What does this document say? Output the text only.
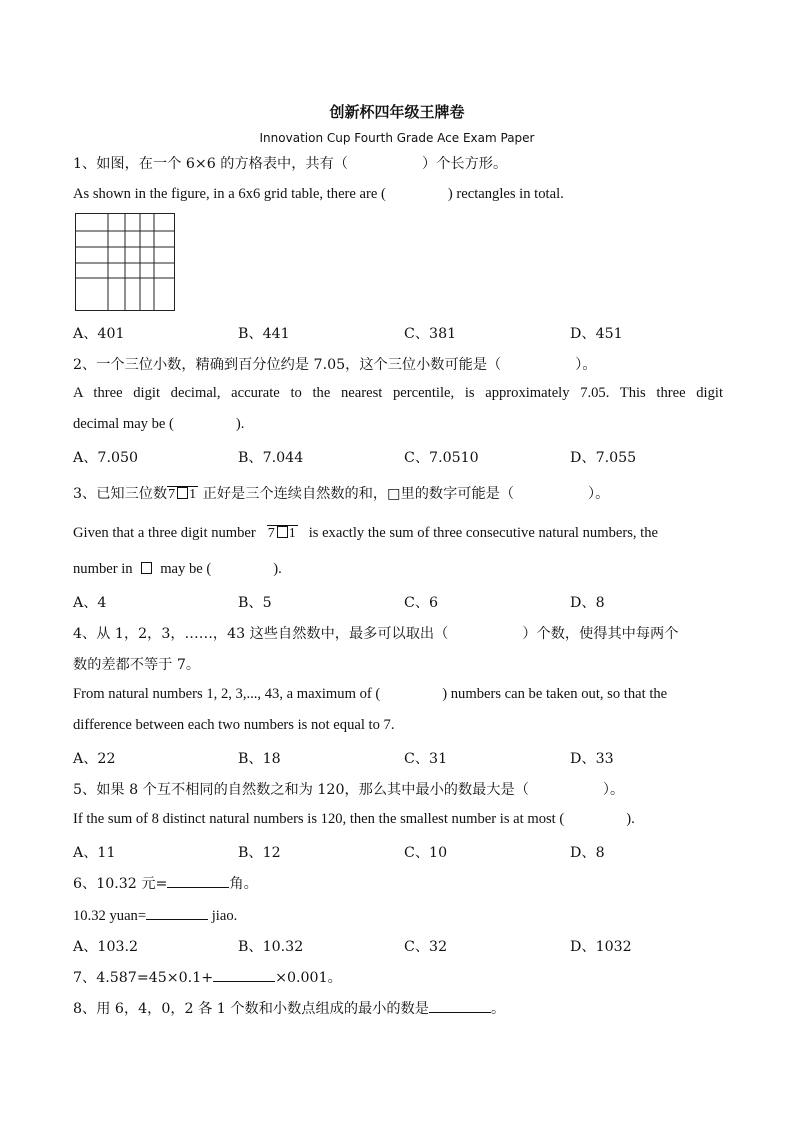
创新杯四年级王牌卷
Innovation Cup Fourth Grade Ace Exam Paper
1、如图，在一个 6×6 的方格表中，共有（	）个长方形。
As shown in the figure, in a 6x6 grid table, there are (	) rectangles in total.
A、401	B、441	C、381	D、451
2、一个三位小数，精确到百分位约是 7.05，这个三位小数可能是（	）。
A three digit decimal, accurate to the nearest percentile, is approximately 7.05. This three digit
decimal may be (	).
A、7.050	B、7.044	C、7.0510	D、7.055
3、已知三位数7 1 正好是三个连续自然数的和，□里的数字可能是（	）。
Given that a three digit number 7 1 is exactly the sum of three consecutive natural numbers, the
number in may be (	).
A、4	B、5	C、6	D、8
4、从 1，2，3，……，43 这些自然数中，最多可以取出（	）个数，使得其中每两个
数的差都不等于 7。
From natural numbers 1, 2, 3,..., 43, a maximum of (	) numbers can be taken out, so that the
difference between each two numbers is not equal to 7.
A、22	B、18	C、31	D、33
5、如果 8 个互不相同的自然数之和为 120，那么其中最小的数最大是（	）。
If the sum of 8 distinct natural numbers is 120, then the smallest number is at most (	).
A、11	B、12	C、10	D、8
6、10.32 元=	角。
10.32 yuan=	jiao.
A、103.2	B、10.32	C、32	D、1032
7、4.587=45×0.1+	×0.001。
8、用 6，4，0，2 各 1 个数和小数点组成的最小的数是	。
